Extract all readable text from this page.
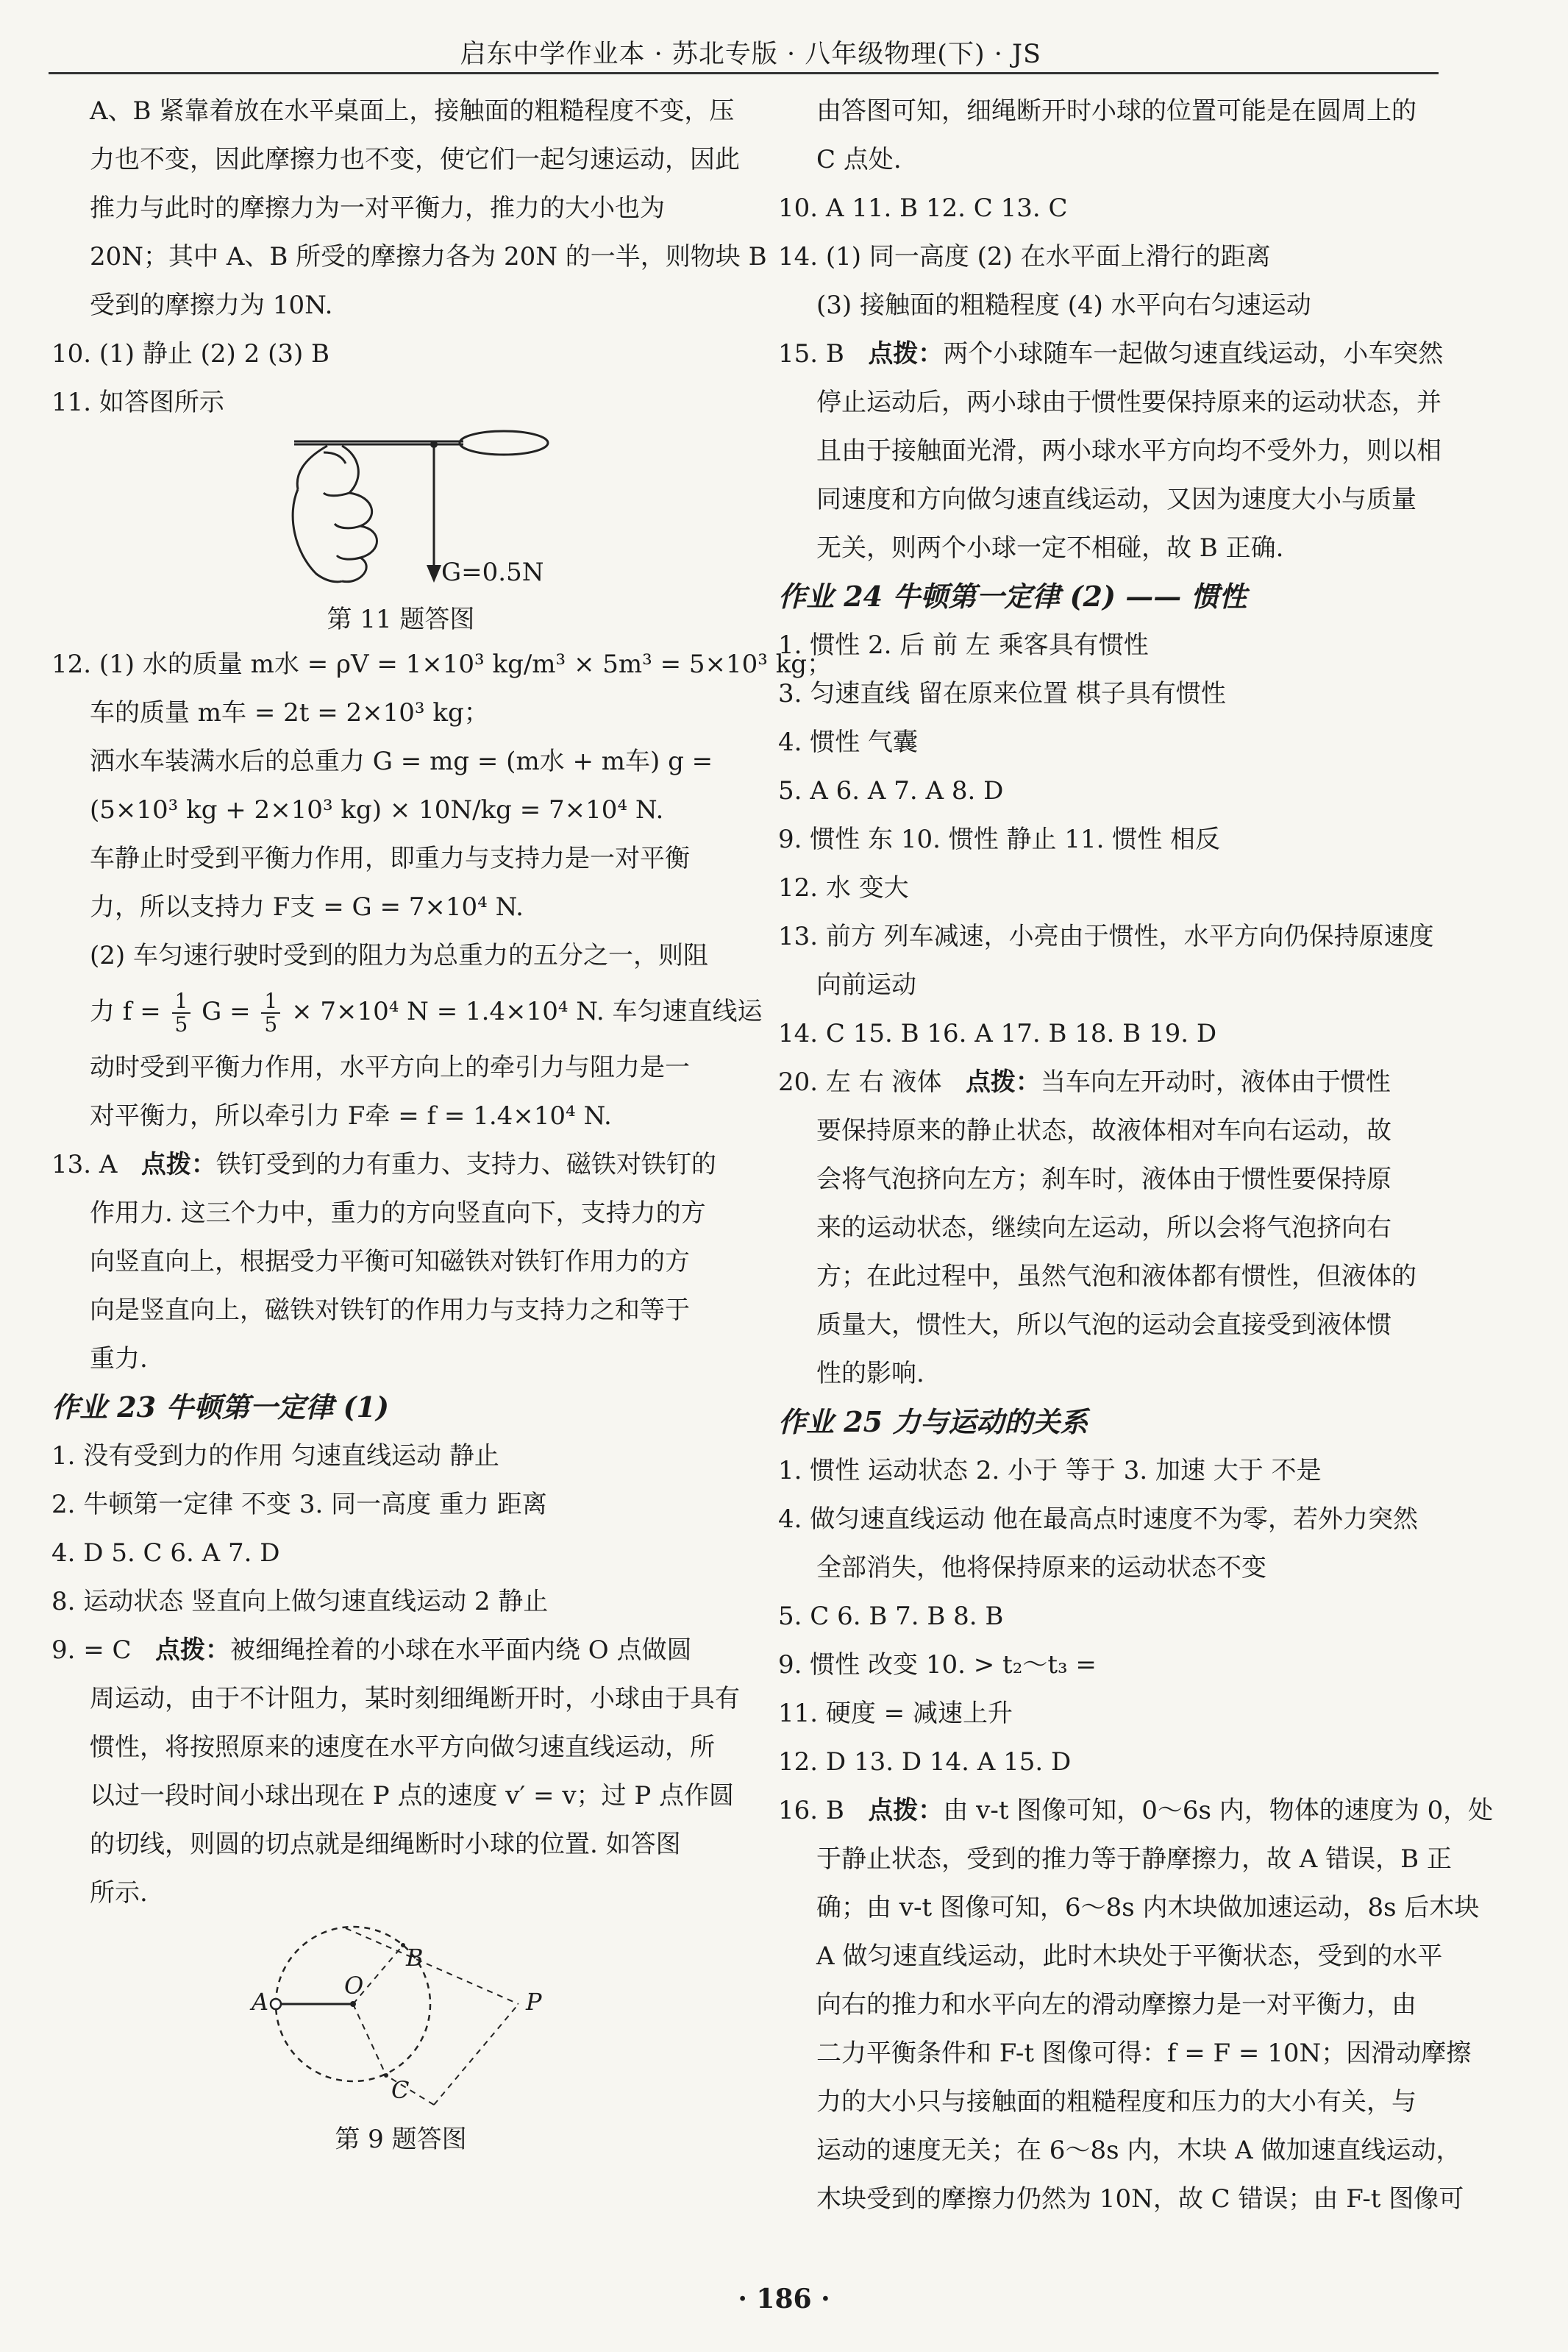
启东中学作业本 · 苏北专版 · 八年级物理(下) · JS
A、B 紧靠着放在水平桌面上，接触面的粗糙程度不变，压
力也不变，因此摩擦力也不变，使它们一起匀速运动，因此
推力与此时的摩擦力为一对平衡力，推力的大小也为
20N；其中 A、B 所受的摩擦力各为 20N 的一半，则物块 B
受到的摩擦力为 10N.
10. (1) 静止 (2) 2 (3) B
11. 如答图所示
G=0.5N
第 11 题答图
12. (1) 水的质量 m水 = ρV = 1×10³ kg/m³ × 5m³ = 5×10³ kg；
车的质量 m车 = 2t = 2×10³ kg；
洒水车装满水后的总重力 G = mg = (m水 + m车) g =
(5×10³ kg + 2×10³ kg) × 10N/kg = 7×10⁴ N.
车静止时受到平衡力作用，即重力与支持力是一对平衡
力，所以支持力 F支 = G = 7×10⁴ N.
(2) 车匀速行驶时受到的阻力为总重力的五分之一，则阻
力 $f = \frac{1}{5}$ $G = \frac{1}{5} \times 7\times 10^4$ N = 1.4×10⁴ N. 车匀速直线运
动时受到平衡力作用，水平方向上的牵引力与阻力是一
对平衡力，所以牵引力 F牵 = f = 1.4×10⁴ N.
13. A 点拨：铁钉受到的力有重力、支持力、磁铁对铁钉的
作用力. 这三个力中，重力的方向竖直向下，支持力的方
向竖直向上，根据受力平衡可知磁铁对铁钉作用力的方
向是竖直向上，磁铁对铁钉的作用力与支持力之和等于
重力.
作业 23 牛顿第一定律 (1)
1. 没有受到力的作用 匀速直线运动 静止
2. 牛顿第一定律 不变 3. 同一高度 重力 距离
4. D 5. C 6. A 7. D
8. 运动状态 竖直向上做匀速直线运动 2 静止
9. = C 点拨：被细绳拴着的小球在水平面内绕 O 点做圆
周运动，由于不计阻力，某时刻细绳断开时，小球由于具有
惯性，将按照原来的速度在水平方向做匀速直线运动，所
以过一段时间小球出现在 P 点的速度 v′ = v；过 P 点作圆
的切线，则圆的切点就是细绳断时小球的位置. 如答图
所示.
A
O
B
P
C
第 9 题答图
由答图可知，细绳断开时小球的位置可能是在圆周上的
C 点处.
10. A 11. B 12. C 13. C
14. (1) 同一高度 (2) 在水平面上滑行的距离
(3) 接触面的粗糙程度 (4) 水平向右匀速运动
15. B 点拨：两个小球随车一起做匀速直线运动，小车突然
停止运动后，两小球由于惯性要保持原来的运动状态，并
且由于接触面光滑，两小球水平方向均不受外力，则以相
同速度和方向做匀速直线运动，又因为速度大小与质量
无关，则两个小球一定不相碰，故 B 正确.
作业 24 牛顿第一定律 (2) —— 惯性
1. 惯性 2. 后 前 左 乘客具有惯性
3. 匀速直线 留在原来位置 棋子具有惯性
4. 惯性 气囊
5. A 6. A 7. A 8. D
9. 惯性 东 10. 惯性 静止 11. 惯性 相反
12. 水 变大
13. 前方 列车减速，小亮由于惯性，水平方向仍保持原速度
向前运动
14. C 15. B 16. A 17. B 18. B 19. D
20. 左 右 液体 点拨：当车向左开动时，液体由于惯性
要保持原来的静止状态，故液体相对车向右运动，故
会将气泡挤向左方；刹车时，液体由于惯性要保持原
来的运动状态，继续向左运动，所以会将气泡挤向右
方；在此过程中，虽然气泡和液体都有惯性，但液体的
质量大，惯性大，所以气泡的运动会直接受到液体惯
性的影响.
作业 25 力与运动的关系
1. 惯性 运动状态 2. 小于 等于 3. 加速 大于 不是
4. 做匀速直线运动 他在最高点时速度不为零，若外力突然
全部消失，他将保持原来的运动状态不变
5. C 6. B 7. B 8. B
9. 惯性 改变 10. > t₂～t₃ =
11. 硬度 = 减速上升
12. D 13. D 14. A 15. D
16. B 点拨：由 v-t 图像可知，0～6s 内，物体的速度为 0，处
于静止状态，受到的推力等于静摩擦力，故 A 错误，B 正
确；由 v-t 图像可知，6～8s 内木块做加速运动，8s 后木块
A 做匀速直线运动，此时木块处于平衡状态，受到的水平
向右的推力和水平向左的滑动摩擦力是一对平衡力，由
二力平衡条件和 F-t 图像可得：f = F = 10N；因滑动摩擦
力的大小只与接触面的粗糙程度和压力的大小有关，与
运动的速度无关；在 6～8s 内，木块 A 做加速直线运动，
木块受到的摩擦力仍然为 10N，故 C 错误；由 F-t 图像可
· 186 ·
